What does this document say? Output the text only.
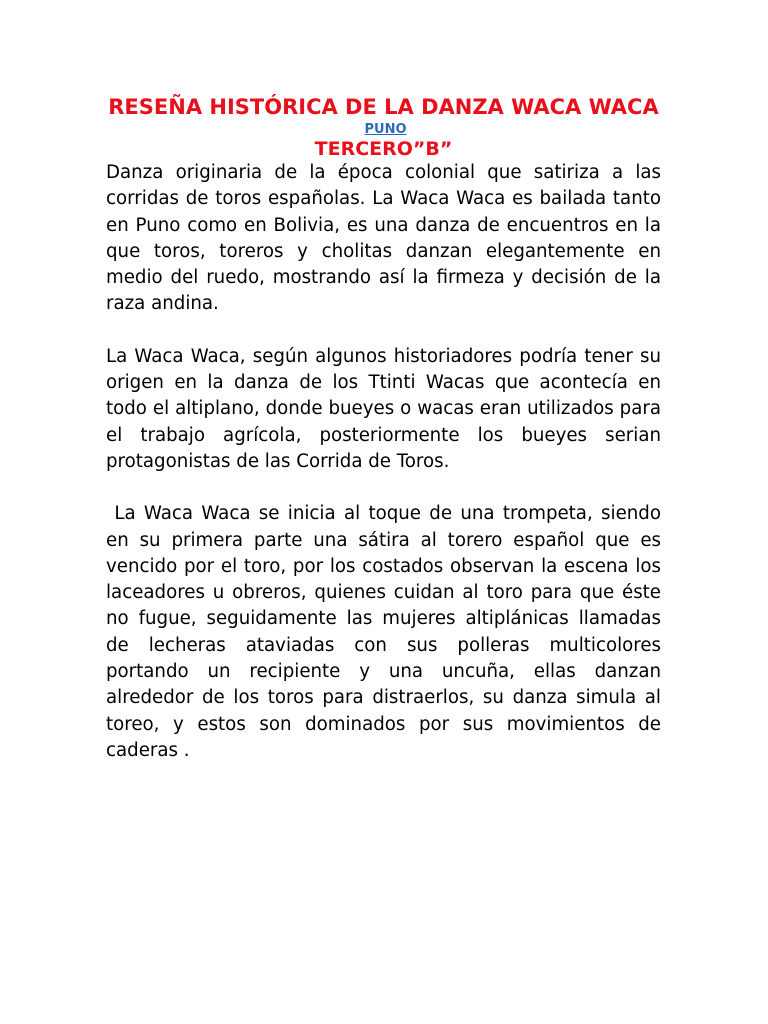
RESEÑA HISTÓRICA DE LA DANZA WACA WACA
PUNO
TERCERO”B”

Danza originaria de la época colonial que satiriza a las corridas de toros españolas. La Waca Waca es bailada tanto en Puno como en Bolivia, es una danza de encuentros en la que toros, toreros y cholitas danzan elegantemente en medio del ruedo, mostrando así la firmeza y decisión de la raza andina.

La Waca Waca, según algunos historiadores podría tener su origen en la danza de los Ttinti Wacas que acontecía en todo el altiplano, donde bueyes o wacas eran utilizados para el trabajo agrícola, posteriormente los bueyes serian protagonistas de las Corrida de Toros.

La Waca Waca se inicia al toque de una trompeta, siendo en su primera parte una sátira al torero español que es vencido por el toro, por los costados observan la escena los laceadores u obreros, quienes cuidan al toro para que éste no fugue, seguidamente las mujeres altiplánicas llamadas de lecheras ataviadas con sus polleras multicolores portando un recipiente y una uncuña, ellas danzan alrededor de los toros para distraerlos, su danza simula al toreo, y estos son dominados por sus movimientos de caderas .
